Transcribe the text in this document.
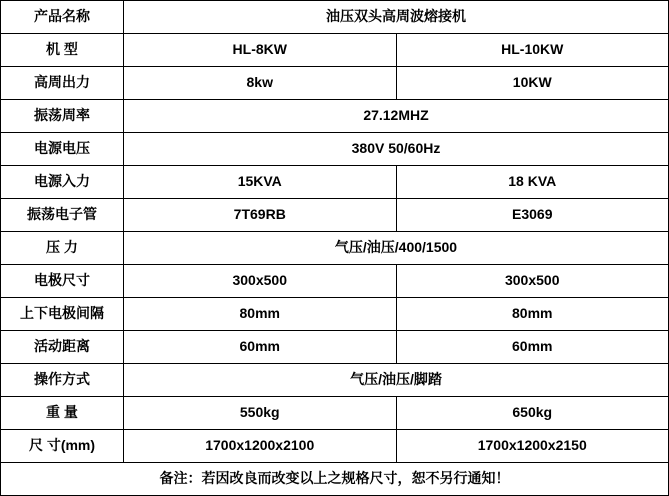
产品名称	油压双头高周波熔接机	
机 型	HL-8KW	HL-10KW
高周出力	8kw	10KW
振荡周率	27.12MHZ	
电源电压	380V 50/60Hz	
电源入力	15KVA	18 KVA
振荡电子管	7T69RB	E3069
压 力	气压/油压/400/1500	
电极尺寸	300x500	300x500
上下电极间隔	80mm	80mm
活动距离	60mm	60mm
操作方式	气压/油压/脚踏	
重 量	550kg	650kg
尺 寸(mm)	1700x1200x2100	1700x1200x2150
备注：若因改良而改变以上之规格尺寸，恕不另行通知！		
